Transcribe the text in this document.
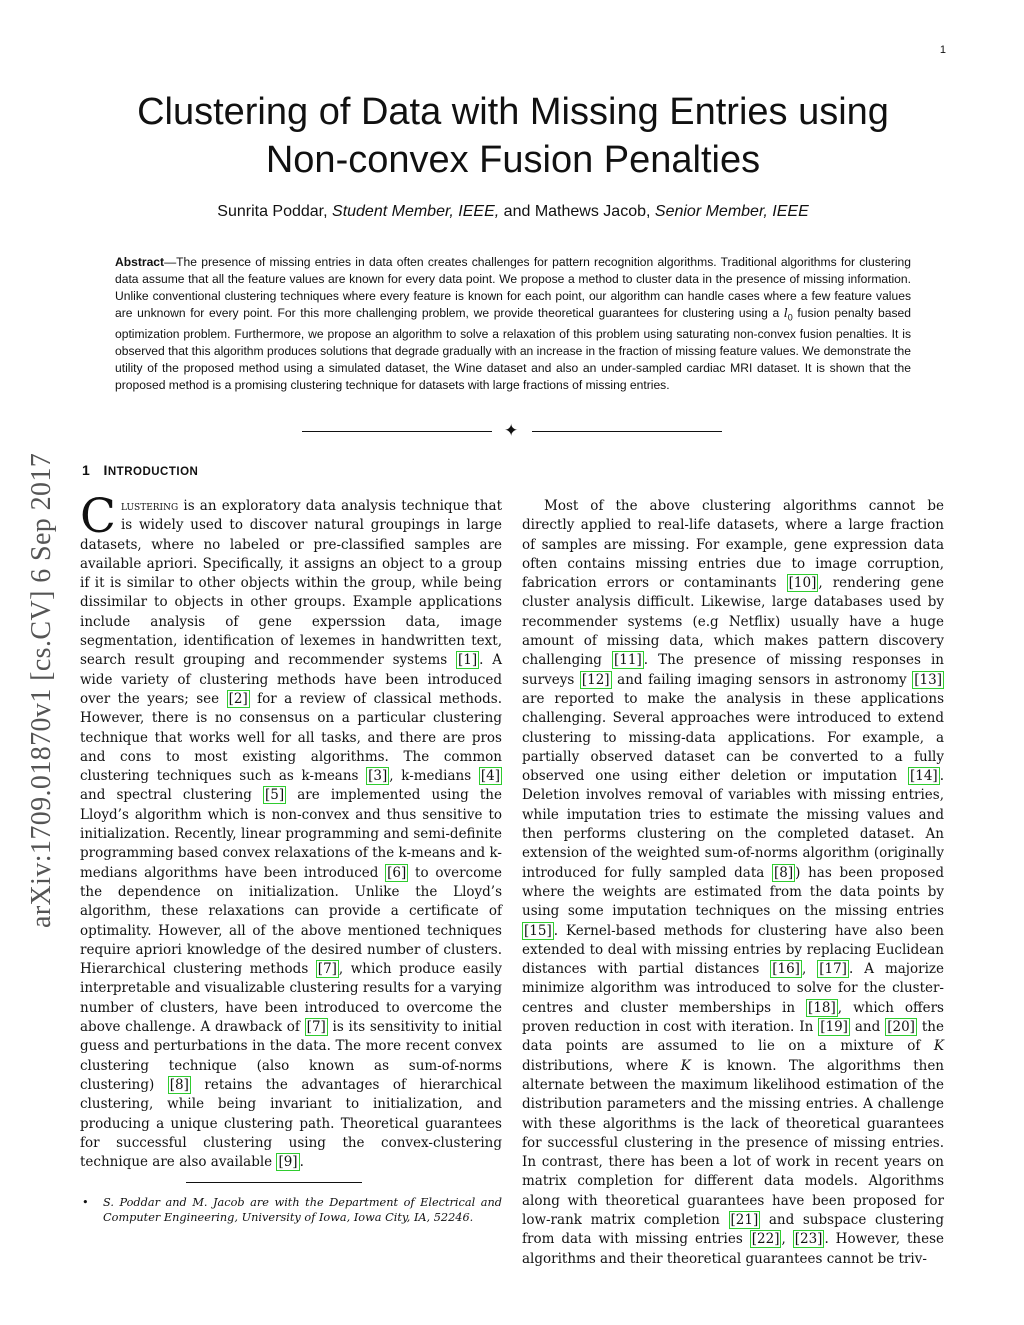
1
arXiv:1709.01870v1 [cs.CV] 6 Sep 2017
Clustering of Data with Missing Entries using
Non-convex Fusion Penalties
Sunrita Poddar, Student Member, IEEE, and Mathews Jacob, Senior Member, IEEE

Abstract—The presence of missing entries in data often creates challenges for pattern recognition algorithms. Traditional algorithms for clustering data assume that all the feature values are known for every data point. We propose a method to cluster data in the presence of missing information. Unlike conventional clustering techniques where every feature is known for each point, our algorithm can handle cases where a few feature values are unknown for every point. For this more challenging problem, we provide theoretical guarantees for clustering using a $l_0$ fusion penalty based optimization problem. Furthermore, we propose an algorithm to solve a relaxation of this problem using saturating non-convex fusion penalties. It is observed that this algorithm produces solutions that degrade gradually with an increase in the fraction of missing feature values. We demonstrate the utility of the proposed method using a simulated dataset, the Wine dataset and also an under-sampled cardiac MRI dataset. It is shown that the proposed method is a promising clustering technique for datasets with large fractions of missing entries.

✦
1 INTRODUCTION

Clustering is an exploratory data analysis technique that is widely used to discover natural groupings in large datasets, where no labeled or pre-classified samples are available apriori. Specifically, it assigns an object to a group if it is similar to other objects within the group, while being dissimilar to objects in other groups. Example applications include analysis of gene experssion data, image segmentation, identification of lexemes in handwritten text, search result grouping and recommender systems [1] . A wide variety of clustering methods have been introduced over the years; see [2] for a review of classical methods. However, there is no consensus on a particular clustering technique that works well for all tasks, and there are pros and cons to most existing algorithms. The common clustering techniques such as k-means [3] , k-medians [4] and spectral clustering [5] are implemented using the Lloyd’s algorithm which is non-convex and thus sensitive to initialization. Recently, linear programming and semi-definite programming based convex relaxations of the k-means and k-medians algorithms have been introduced [6] to overcome the dependence on initialization. Unlike the Lloyd’s algorithm, these relaxations can provide a certificate of optimality. However, all of the above mentioned techniques require apriori knowledge of the desired number of clusters. Hierarchical clustering methods [7] , which produce easily interpretable and visualizable clustering results for a varying number of clusters, have been introduced to overcome the above challenge. A drawback of [7] is its sensitivity to initial guess and perturbations in the data. The more recent convex clustering technique (also known as sum-of-norms clustering) [8] retains the advantages of hierarchical clustering, while being invariant to initialization, and producing a unique clustering path. Theoretical guarantees for successful clustering using the convex-clustering technique are also available [9] .

• S. Poddar and M. Jacob are with the Department of Electrical and Computer Engineering, University of Iowa, Iowa City, IA, 52246.

Most of the above clustering algorithms cannot be directly applied to real-life datasets, where a large fraction of samples are missing. For example, gene expression data often contains missing entries due to image corruption, fabrication errors or contaminants [10] , rendering gene cluster analysis difficult. Likewise, large databases used by recommender systems (e.g Netflix) usually have a huge amount of missing data, which makes pattern discovery challenging [11] . The presence of missing responses in surveys [12] and failing imaging sensors in astronomy [13] are reported to make the analysis in these applications challenging. Several approaches were introduced to extend clustering to missing-data applications. For example, a partially observed dataset can be converted to a fully observed one using either deletion or imputation [14] . Deletion involves removal of variables with missing entries, while imputation tries to estimate the missing values and then performs clustering on the completed dataset. An extension of the weighted sum-of-norms algorithm (originally introduced for fully sampled data [8] ) has been proposed where the weights are estimated from the data points by using some imputation techniques on the missing entries [15] . Kernel-based methods for clustering have also been extended to deal with missing entries by replacing Euclidean distances with partial distances [16] , [17] . A majorize minimize algorithm was introduced to solve for the cluster-centres and cluster memberships in [18] , which offers proven reduction in cost with iteration. In [19] and [20] the data points are assumed to lie on a mixture of K distributions, where K is known. The algorithms then alternate between the maximum likelihood estimation of the distribution parameters and the missing entries. A challenge with these algorithms is the lack of theoretical guarantees for successful clustering in the presence of missing entries. In contrast, there has been a lot of work in recent years on matrix completion for different data models. Algorithms along with theoretical guarantees have been proposed for low-rank matrix completion [21] and subspace clustering from data with missing entries [22] , [23] . However, these algorithms and their theoretical guarantees cannot be triv-
